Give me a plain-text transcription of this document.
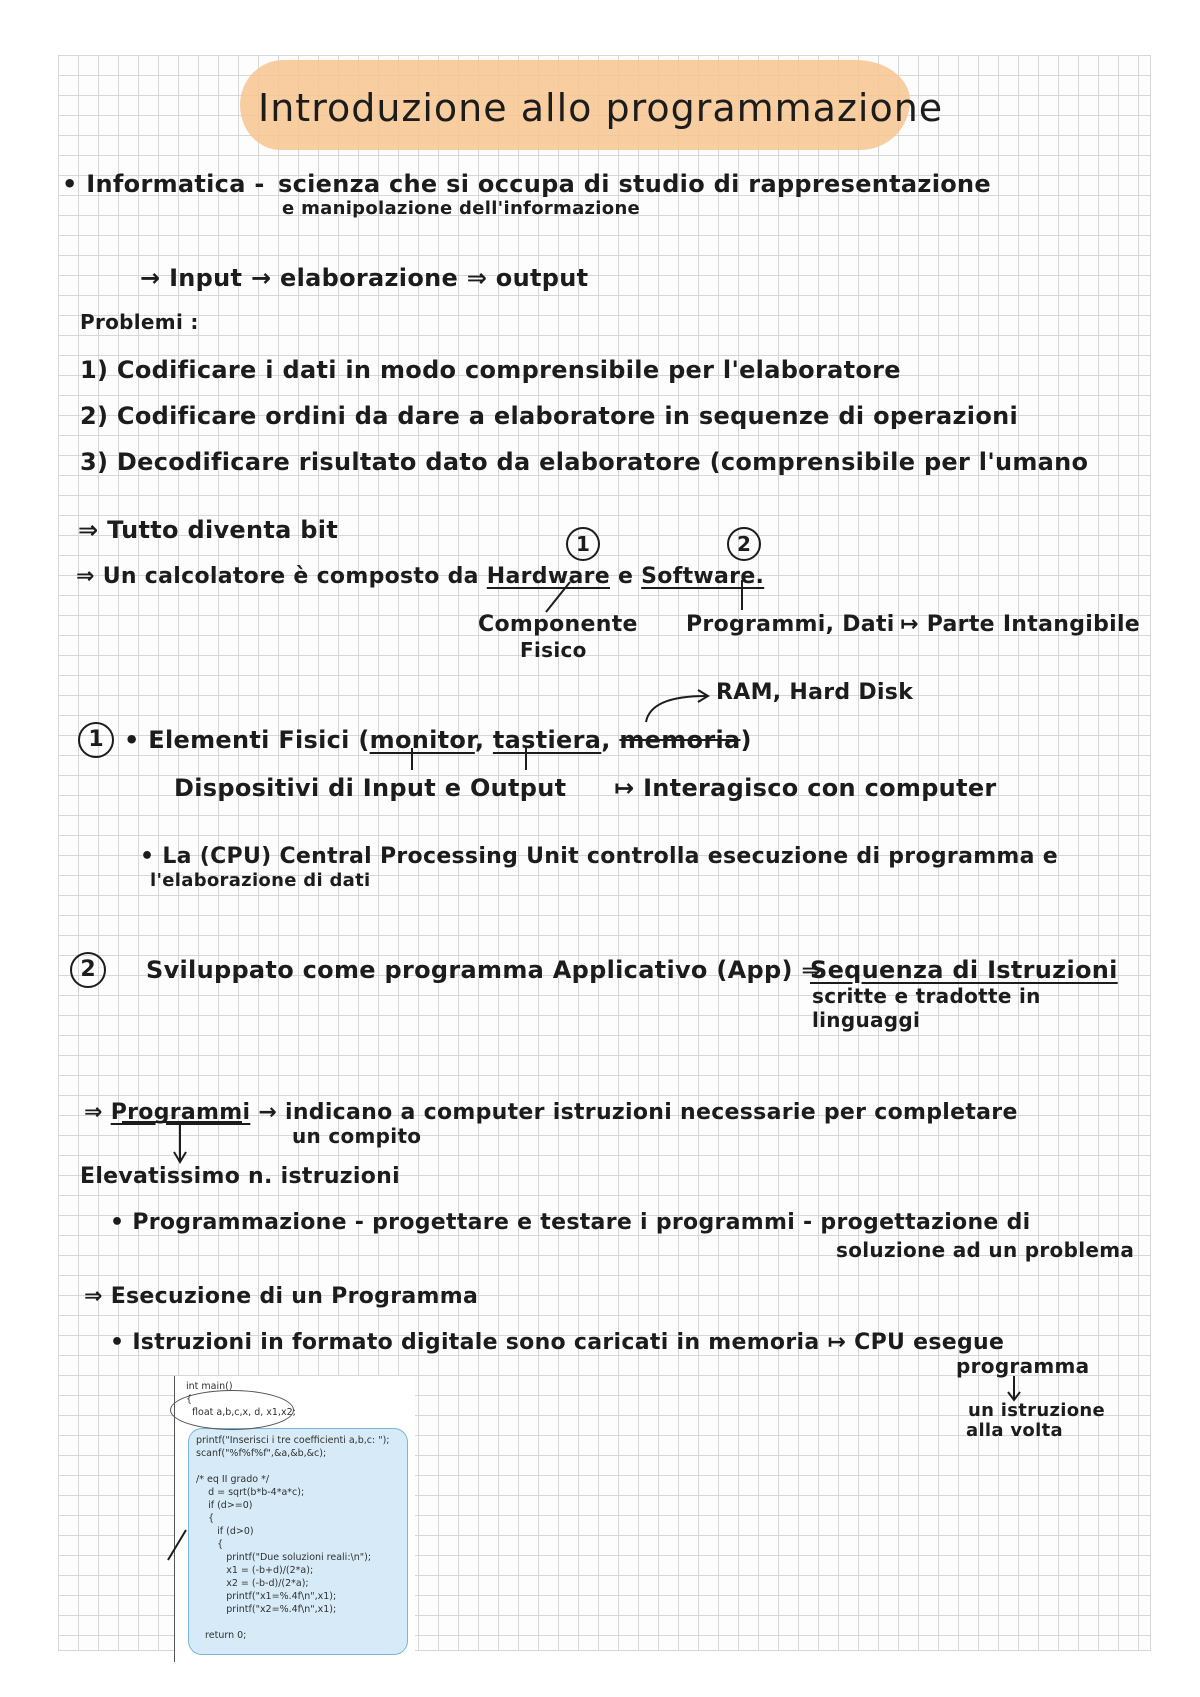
Introduzione allo programmazione
• Informatica - scienza che si occupa di studio di rappresentazione
e manipolazione dell'informazione
→ Input → elaborazione ⇒ output
Problemi :
1) Codificare i dati in modo comprensibile per l'elaboratore
2) Codificare ordini da dare a elaboratore in sequenze di operazioni
3) Decodificare risultato dato da elaboratore (comprensibile per l'umano
⇒ Tutto diventa bit	1	2
⇒ Un calcolatore è composto da Hardware e Software.
Componente
Fisico
Programmi, Dati ↦ Parte Intangibile
RAM, Hard Disk
1 • Elementi Fisici (monitor, tastiera, memoria)
Dispositivi di Input e Output ↦ Interagisco con computer
• La (CPU) Central Processing Unit controlla esecuzione di programma e
l'elaborazione di dati
2	Sviluppato come programma Applicativo (App) ⇒
Sequenza di Istruzioni
scritte e tradotte in
linguaggi
⇒ Programmi → indicano a computer istruzioni necessarie per completare
un compito
Elevatissimo n. istruzioni
• Programmazione - progettare e testare i programmi - progettazione di
soluzione ad un problema
⇒ Esecuzione di un Programma
• Istruzioni in formato digitale sono caricati in memoria ↦ CPU esegue
programma
un istruzione
alla volta
int main()
{
float a,b,c,x, d, x1,x2;
printf("Inserisci i tre coefficienti a,b,c: ");
scanf("%f%f%f",&a,&b,&c);

/* eq II grado */
d = sqrt(b*b-4*a*c);
if (d>=0)
{
if (d>0)
{
printf("Due soluzioni reali:\n");
x1 = (-b+d)/(2*a);
x2 = (-b-d)/(2*a);
printf("x1=%.4f\n",x1);
printf("x2=%.4f\n",x1);

return 0;
